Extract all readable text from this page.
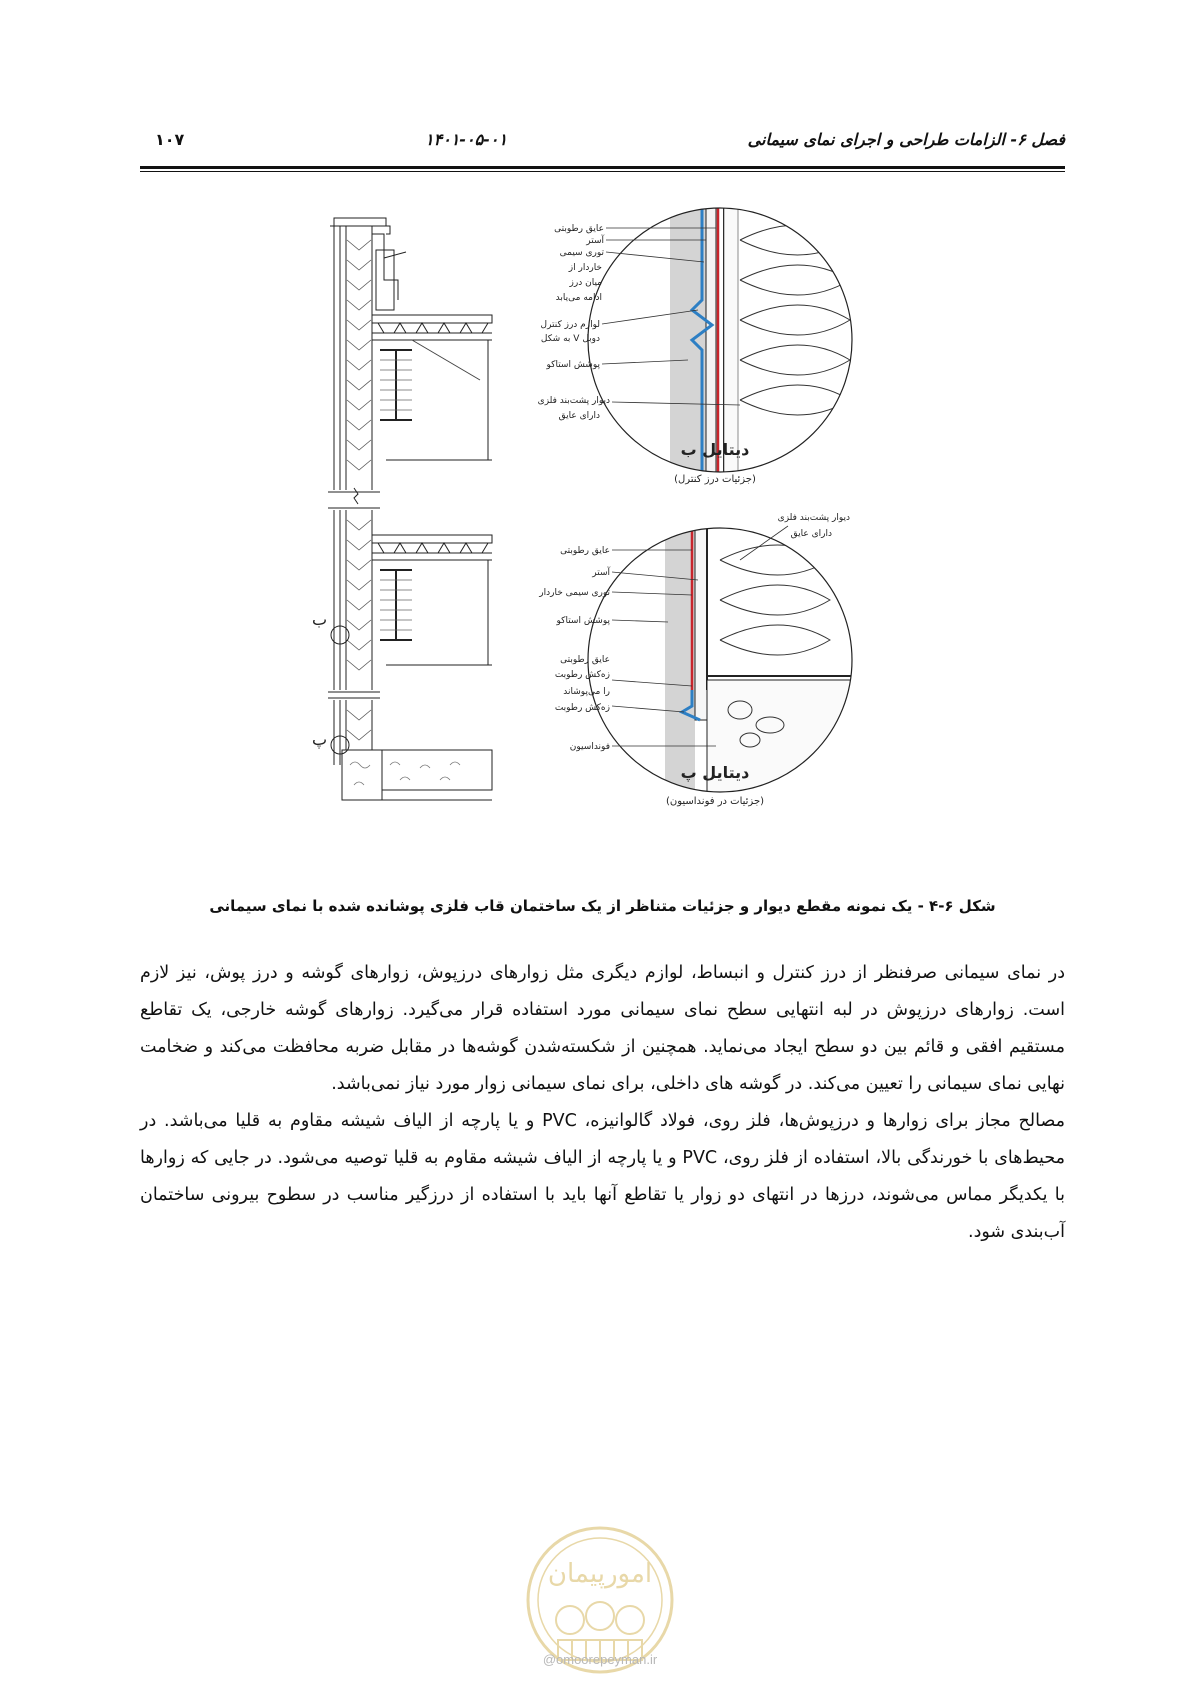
فصل ۶- الزامات طراحی و اجرای نمای سیمانی
۱۴۰۱-۰۵-۰۱
۱۰۷
ب
پ
عایق رطوبتی
آستر
توری سیمی
خاردار از
میان درز
ادامه می‌یابد
لوازم درز کنترل
به شکل V دوبل
پوشش استاکو
دیوار پشت‌بند فلزی
دارای عایق
دیتایل ب
(جزئیات درز کنترل)
دیوار پشت‌بند فلزی
دارای عایق
عایق رطوبتی
آستر
توری سیمی خاردار
پوشش استاکو
عایق رطوبتی
زه‌کش رطوبت
را می‌پوشاند
زه‌کش رطوبت
فونداسیون
دیتایل پ
(جزئیات در فونداسیون)
شکل ۶-۴ - یک نمونه مقطع دیوار و جزئیات متناظر از یک ساختمان قاب فلزی پوشانده شده با نمای سیمانی

در نمای سیمانی صرفنظر از درز کنترل و انبساط، لوازم دیگری مثل زوارهای درزپوش، زوارهای گوشه و درز پوش، نیز لازم است. زوارهای درزپوش در لبه انتهایی سطح نمای سیمانی مورد استفاده قرار می‌گیرد. زوارهای گوشه خارجی، یک تقاطع مستقیم افقی و قائم بین دو سطح ایجاد می‌نماید. همچنین از شکسته‌شدن گوشه‌ها در مقابل ضربه محافظت می‌کند و ضخامت نهایی نمای سیمانی را تعیین می‌کند. در گوشه های داخلی، برای نمای سیمانی زوار مورد نیاز نمی‌باشد.

مصالح مجاز برای زوارها و درزپوش‌ها، فلز روی، فولاد گالوانیزه، PVC و یا پارچه از الیاف شیشه مقاوم به قلیا می‌باشد. در محیط‌های با خورندگی بالا، استفاده از فلز روی، PVC و یا پارچه از الیاف شیشه مقاوم به قلیا توصیه می‌شود. در جایی که زوارها با یکدیگر مماس می‌شوند، درزها در انتهای دو زوار یا تقاطع آنها باید با استفاده از درزگیر مناسب در سطوح بیرونی ساختمان آب‌بندی شود.

امورپیمان
@omoorepeyman.ir
